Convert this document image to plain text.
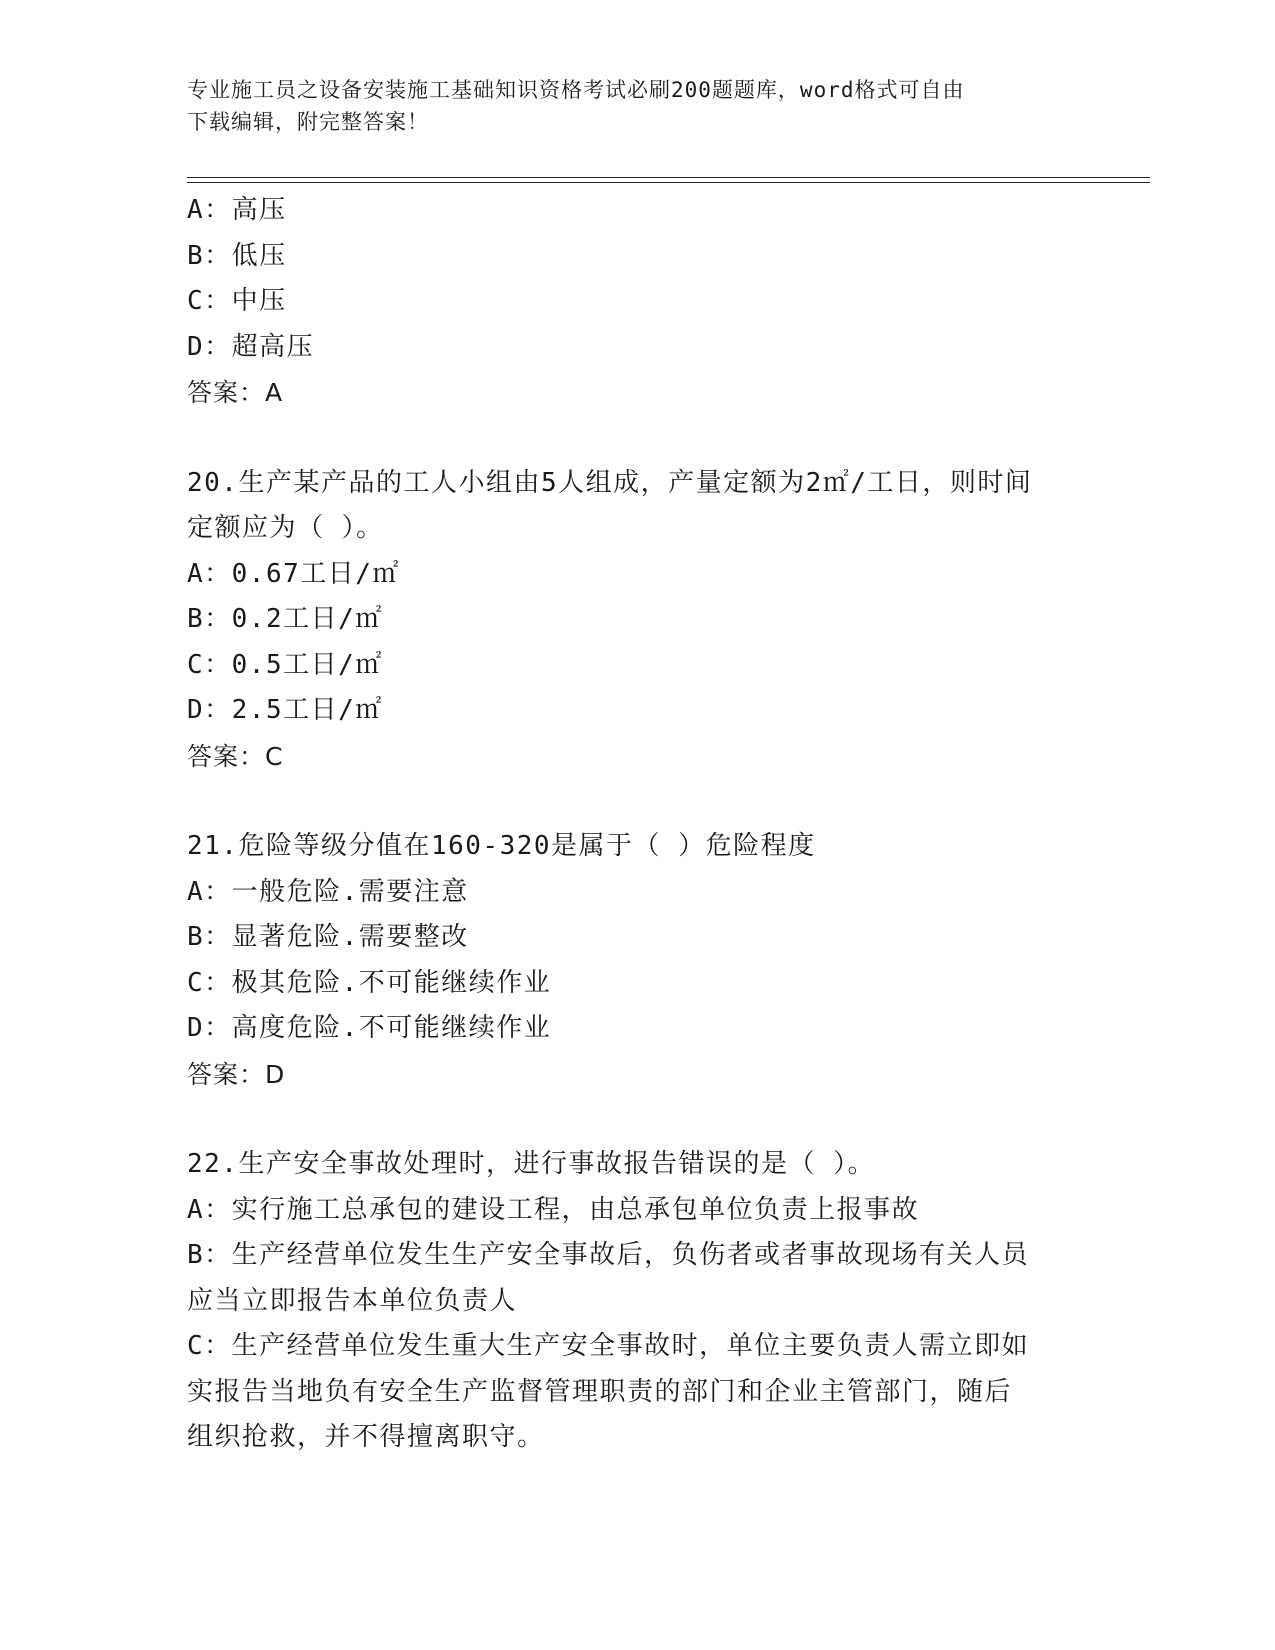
专业施工员之设备安装施工基础知识资格考试必刷200题题库，word格式可自由
下载编辑，附完整答案！
A：高压
B：低压
C：中压
D：超高压
答案：A
20.生产某产品的工人小组由5人组成，产量定额为2㎡/工日，则时间
定额应为（ ）。
A：0.67工日/㎡
B：0.2工日/㎡
C：0.5工日/㎡
D：2.5工日/㎡
答案：C
21.危险等级分值在160-320是属于（ ）危险程度
A：一般危险.需要注意
B：显著危险.需要整改
C：极其危险.不可能继续作业
D：高度危险.不可能继续作业
答案：D
22.生产安全事故处理时，进行事故报告错误的是（ ）。
A：实行施工总承包的建设工程，由总承包单位负责上报事故
B：生产经营单位发生生产安全事故后，负伤者或者事故现场有关人员
应当立即报告本单位负责人
C：生产经营单位发生重大生产安全事故时，单位主要负责人需立即如
实报告当地负有安全生产监督管理职责的部门和企业主管部门，随后
组织抢救，并不得擅离职守。
